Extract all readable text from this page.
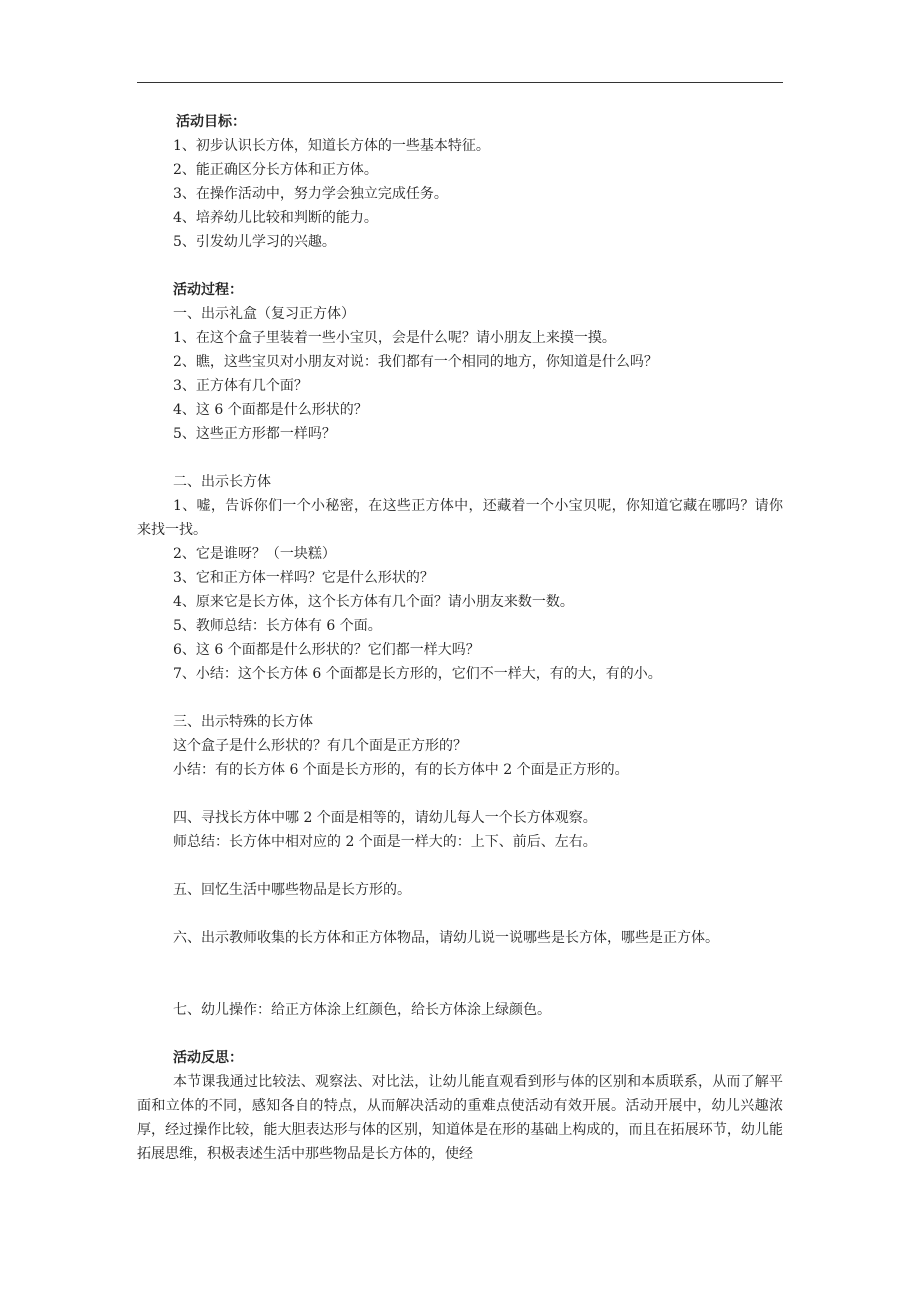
活动目标：

1、初步认识长方体，知道长方体的一些基本特征。

2、能正确区分长方体和正方体。

3、在操作活动中，努力学会独立完成任务。

4、培养幼儿比较和判断的能力。

5、引发幼儿学习的兴趣。

活动过程：

一、出示礼盒（复习正方体）

1、在这个盒子里装着一些小宝贝，会是什么呢？请小朋友上来摸一摸。

2、瞧，这些宝贝对小朋友对说：我们都有一个相同的地方，你知道是什么吗？

3、正方体有几个面？

4、这 6 个面都是什么形状的？

5、这些正方形都一样吗？

二、出示长方体

1、嘘，告诉你们一个小秘密，在这些正方体中，还藏着一个小宝贝呢，你知道它藏在哪吗？请你来找一找。

2、它是谁呀？（一块糕）

3、它和正方体一样吗？它是什么形状的？

4、原来它是长方体，这个长方体有几个面？请小朋友来数一数。

5、教师总结：长方体有 6 个面。

6、这 6 个面都是什么形状的？它们都一样大吗？

7、小结：这个长方体 6 个面都是长方形的，它们不一样大，有的大，有的小。

三、出示特殊的长方体

这个盒子是什么形状的？有几个面是正方形的？

小结：有的长方体 6 个面是长方形的，有的长方体中 2 个面是正方形的。

四、寻找长方体中哪 2 个面是相等的，请幼儿每人一个长方体观察。

师总结：长方体中相对应的 2 个面是一样大的：上下、前后、左右。

五、回忆生活中哪些物品是长方形的。

六、出示教师收集的长方体和正方体物品，请幼儿说一说哪些是长方体，哪些是正方体。

七、幼儿操作：给正方体涂上红颜色，给长方体涂上绿颜色。

活动反思：

本节课我通过比较法、观察法、对比法，让幼儿能直观看到形与体的区别和本质联系，从而了解平面和立体的不同，感知各自的特点，从而解决活动的重难点使活动有效开展。活动开展中，幼儿兴趣浓厚，经过操作比较，能大胆表达形与体的区别，知道体是在形的基础上构成的，而且在拓展环节，幼儿能拓展思维，积极表述生活中那些物品是长方体的，使经
